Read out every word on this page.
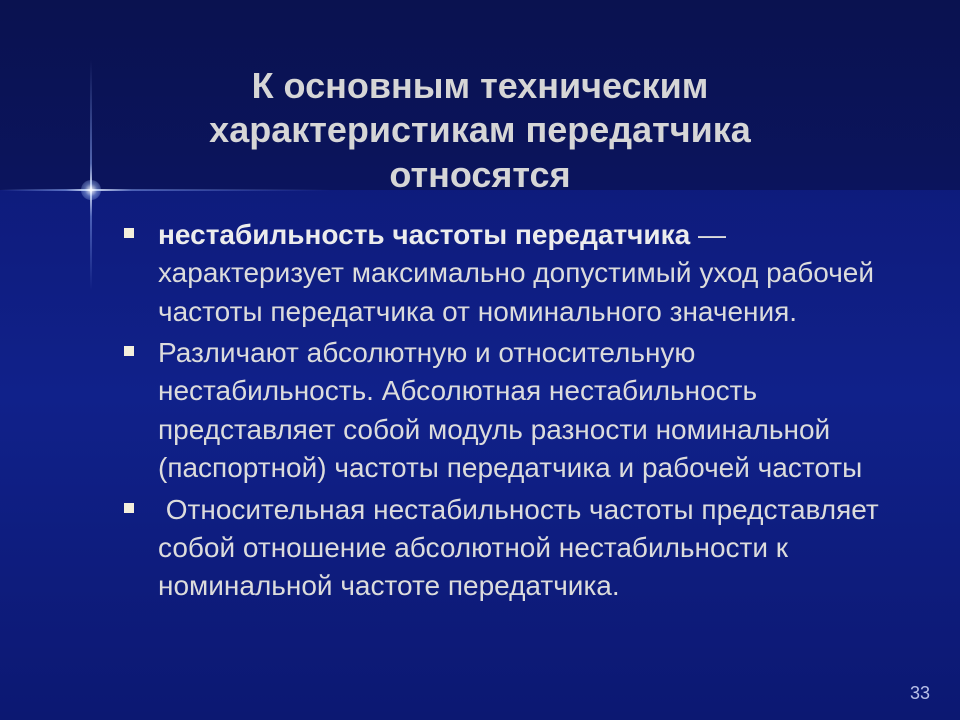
К основным техническим
характеристикам передатчика
относятся
нестабильность частоты передатчика — характеризует максимально допустимый уход рабочей частоты передатчика от номинального значения.
Различают абсолютную и относительную нестабильность. Абсолютная нестабильность представляет собой модуль разности номинальной (паспортной) частоты передатчика и рабочей частоты
Относительная нестабильность частоты представляет собой отношение абсолютной нестабильности к номинальной частоте передатчика.
33
